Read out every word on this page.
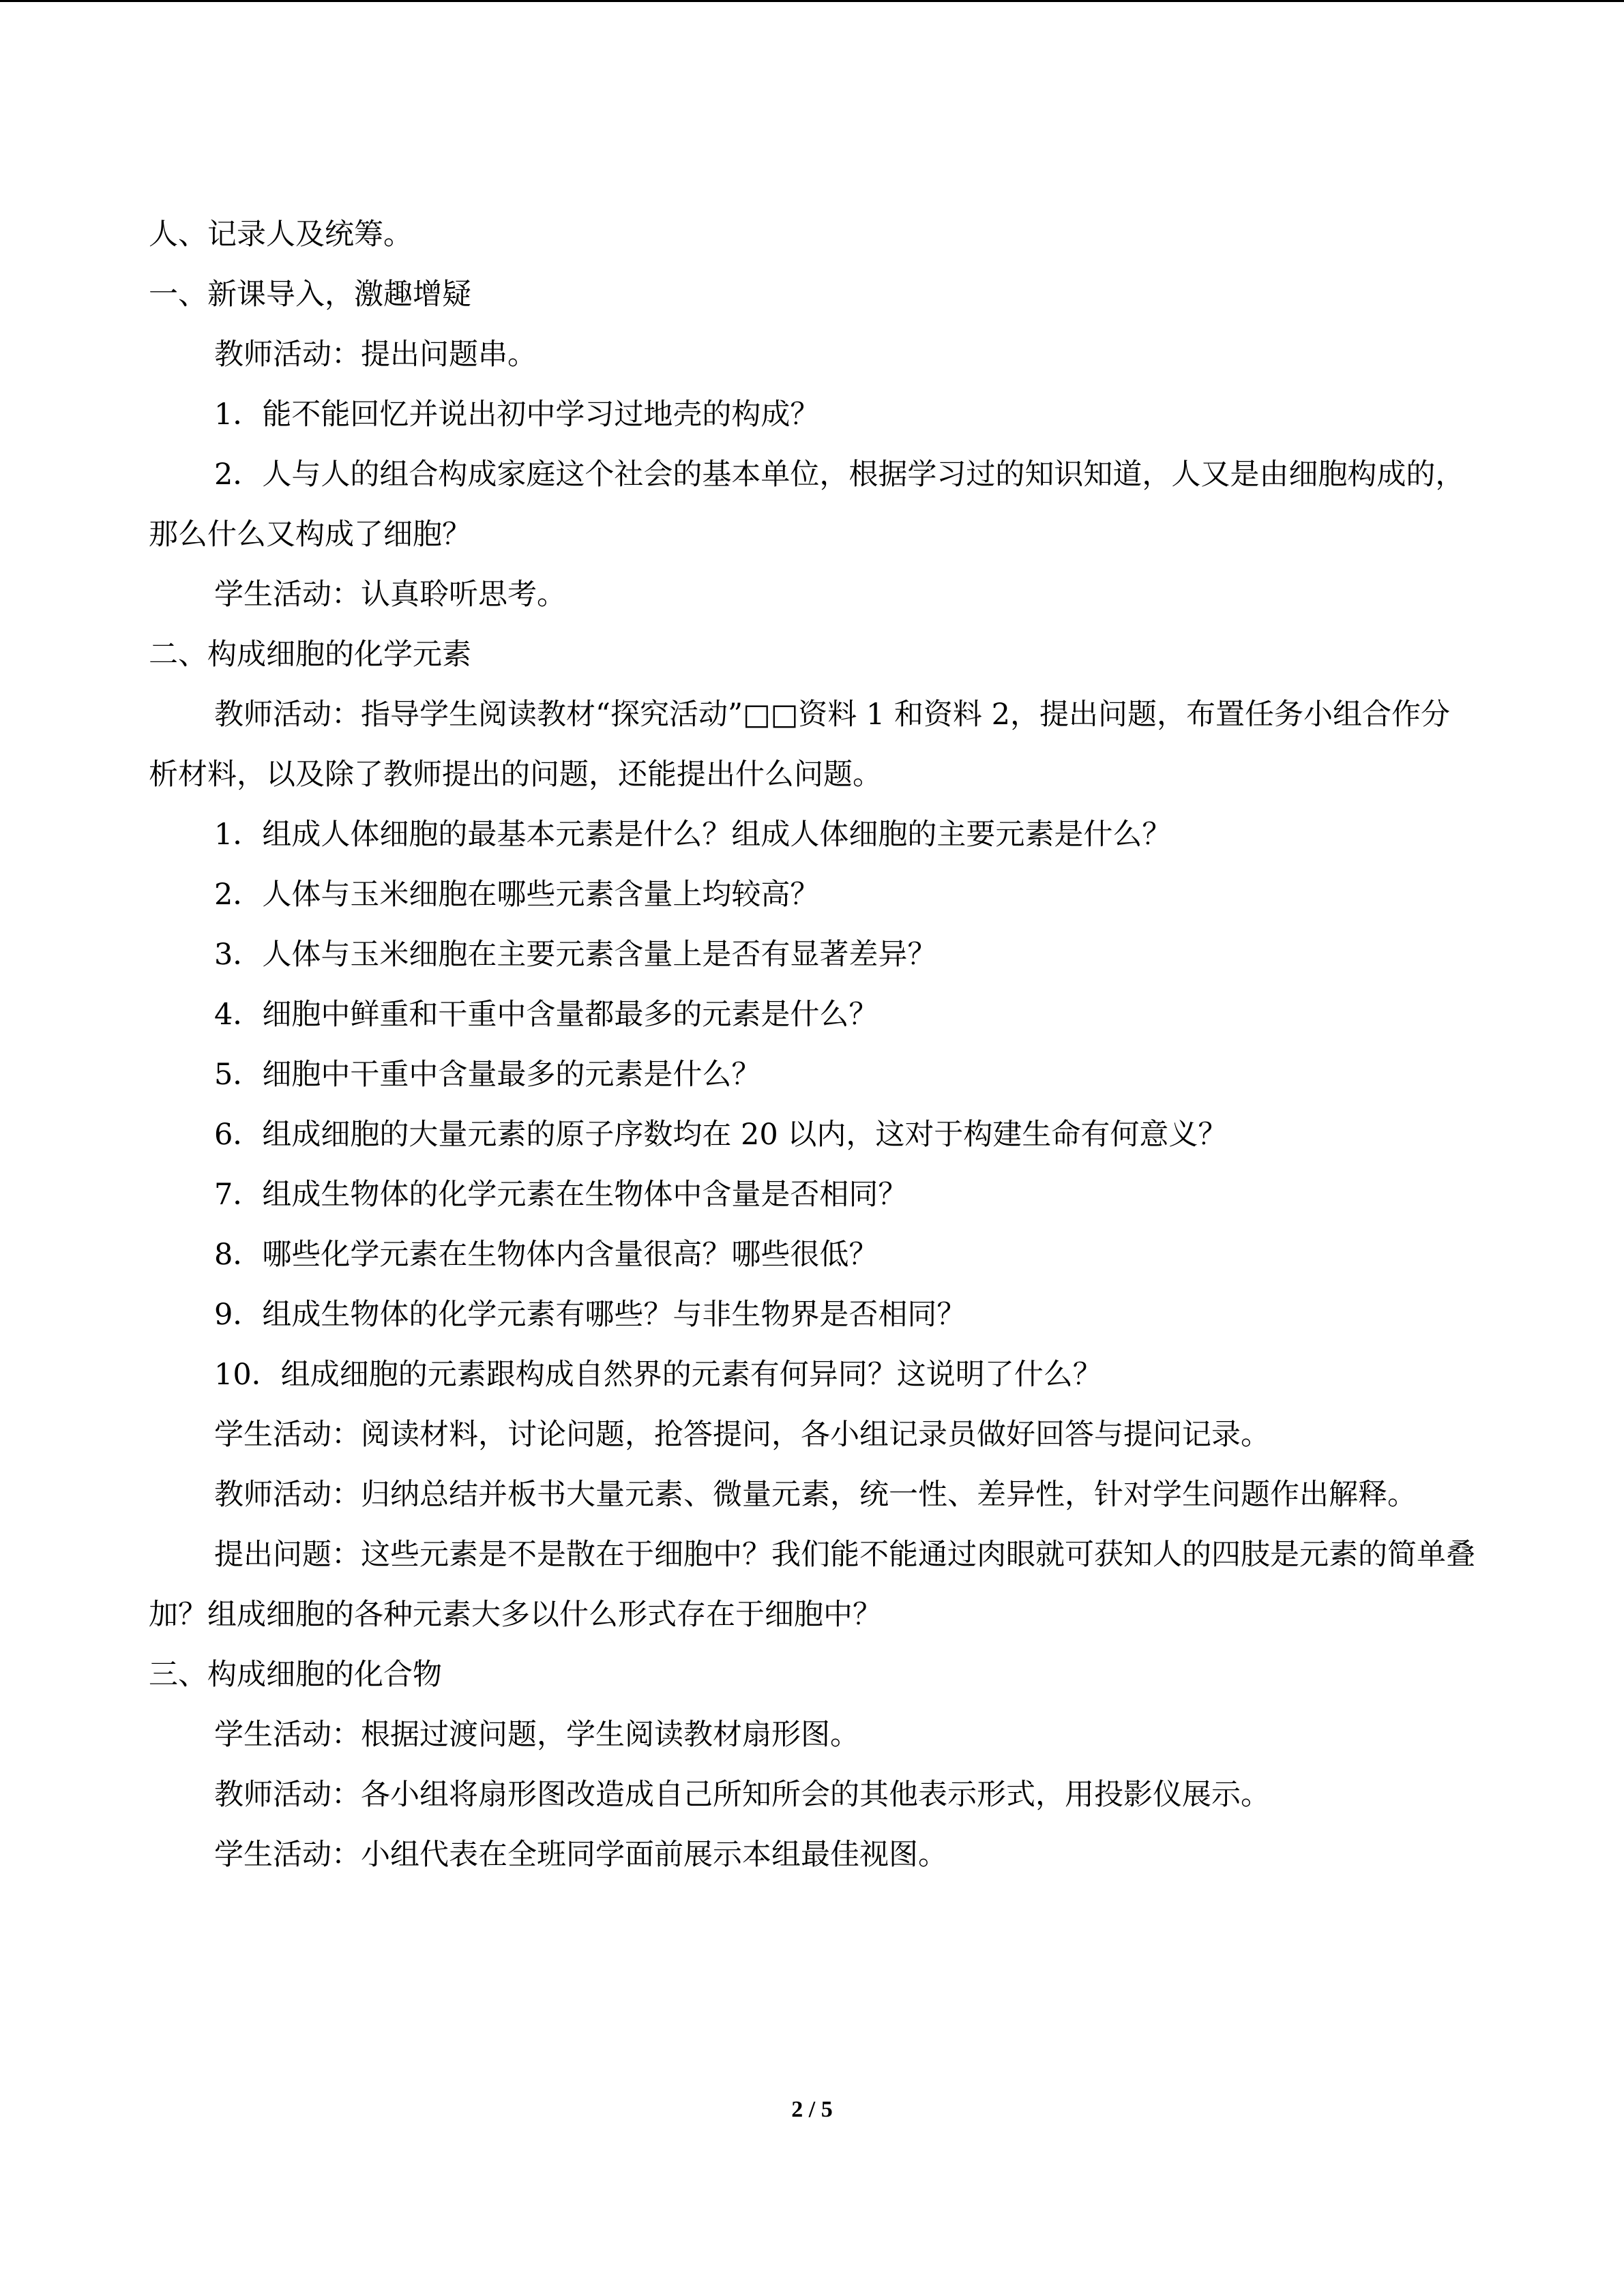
人、记录人及统筹。

一、新课导入，激趣增疑

教师活动：提出问题串。

1．能不能回忆并说出初中学习过地壳的构成？

2．人与人的组合构成家庭这个社会的基本单位，根据学习过的知识知道，人又是由细胞构成的，那么什么又构成了细胞？

学生活动：认真聆听思考。

二、构成细胞的化学元素

教师活动：指导学生阅读教材“探究活动”□□资料 1 和资料 2，提出问题，布置任务小组合作分析材料，以及除了教师提出的问题，还能提出什么问题。

1．组成人体细胞的最基本元素是什么？组成人体细胞的主要元素是什么？

2．人体与玉米细胞在哪些元素含量上均较高？

3．人体与玉米细胞在主要元素含量上是否有显著差异？

4．细胞中鲜重和干重中含量都最多的元素是什么？

5．细胞中干重中含量最多的元素是什么？

6．组成细胞的大量元素的原子序数均在 20 以内，这对于构建生命有何意义？

7．组成生物体的化学元素在生物体中含量是否相同？

8．哪些化学元素在生物体内含量很高？哪些很低？

9．组成生物体的化学元素有哪些？与非生物界是否相同？

10．组成细胞的元素跟构成自然界的元素有何异同？这说明了什么？

学生活动：阅读材料，讨论问题，抢答提问，各小组记录员做好回答与提问记录。

教师活动：归纳总结并板书大量元素、微量元素，统一性、差异性，针对学生问题作出解释。

提出问题：这些元素是不是散在于细胞中？我们能不能通过肉眼就可获知人的四肢是元素的简单叠加？组成细胞的各种元素大多以什么形式存在于细胞中？

三、构成细胞的化合物

学生活动：根据过渡问题，学生阅读教材扇形图。

教师活动：各小组将扇形图改造成自己所知所会的其他表示形式，用投影仪展示。

学生活动：小组代表在全班同学面前展示本组最佳视图。

2 / 5
